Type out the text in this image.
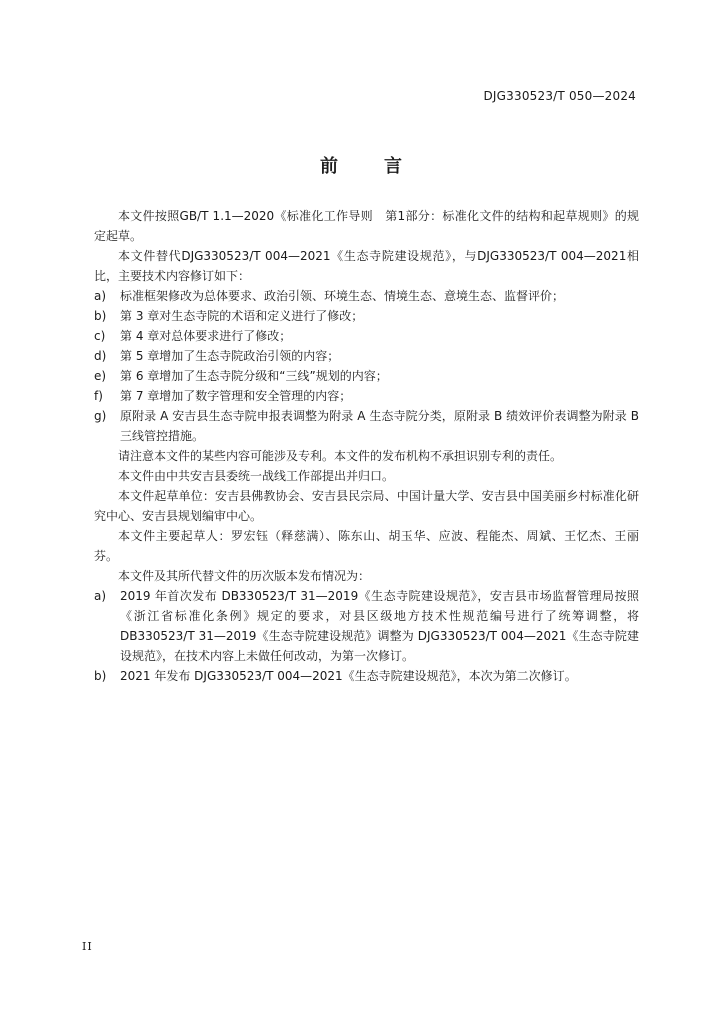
DJG330523/T 050—2024
前 言

本文件按照GB/T 1.1—2020《标准化工作导则　第1部分：标准化文件的结构和起草规则》的规定起草。

本文件替代DJG330523/T 004—2021《生态寺院建设规范》，与DJG330523/T 004—2021相比，主要技术内容修订如下：

a)	标准框架修改为总体要求、政治引领、环境生态、情境生态、意境生态、监督评价；
b)	第 3 章对生态寺院的术语和定义进行了修改；
c)	第 4 章对总体要求进行了修改；
d)	第 5 章增加了生态寺院政治引领的内容；
e)	第 6 章增加了生态寺院分级和“三线”规划的内容；
f)	第 7 章增加了数字管理和安全管理的内容；
g)	原附录 A 安吉县生态寺院申报表调整为附录 A 生态寺院分类，原附录 B 绩效评价表调整为附录 B 三线管控措施。

请注意本文件的某些内容可能涉及专利。本文件的发布机构不承担识别专利的责任。

本文件由中共安吉县委统一战线工作部提出并归口。

本文件起草单位：安吉县佛教协会、安吉县民宗局、中国计量大学、安吉县中国美丽乡村标准化研究中心、安吉县规划编审中心。

本文件主要起草人：罗宏钰（释慈满）、陈东山、胡玉华、应波、程能杰、周斌、王忆杰、王丽芬。

本文件及其所代替文件的历次版本发布情况为：

a)	2019 年首次发布 DB330523/T 31—2019《生态寺院建设规范》，安吉县市场监督管理局按照《浙江省标准化条例》规定的要求，对县区级地方技术性规范编号进行了统筹调整，将DB330523/T 31—2019《生态寺院建设规范》调整为 DJG330523/T 004—2021《生态寺院建设规范》，在技术内容上未做任何改动，为第一次修订。
b)	2021 年发布 DJG330523/T 004—2021《生态寺院建设规范》，本次为第二次修订。
II
